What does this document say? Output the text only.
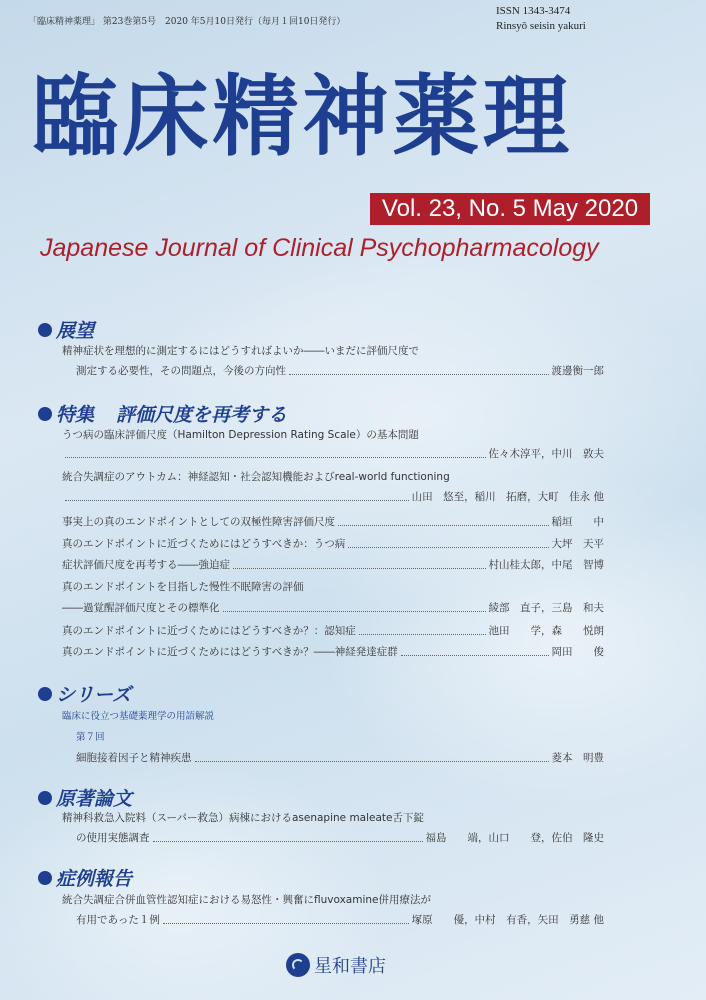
「臨床精神薬理」 第23巻第5号　2020 年5月10日発行（毎月１回10日発行）
ISSN 1343-3474
Rinsyō seisin yakuri
臨床精神薬理
Vol. 23, No. 5 May 2020
Japanese Journal of Clinical Psychopharmacology
展望
精神症状を理想的に測定するにはどうすればよいか――いまだに評価尺度で
測定する必要性，その問題点，今後の方向性	渡邊衡一郎
特集 評価尺度を再考する
うつ病の臨床評価尺度（Hamilton Depression Rating Scale）の基本問題
佐々木淳平，中川　敦夫
統合失調症のアウトカム：神経認知・社会認知機能およびreal-world functioning
山田　悠至，稲川　拓磨，大町　佳永 他
事実上の真のエンドポイントとしての双極性障害評価尺度	稲垣　　中
真のエンドポイントに近づくためにはどうすべきか：うつ病	大坪　天平
症状評価尺度を再考する――強迫症	村山桂太郎，中尾　智博
真のエンドポイントを目指した慢性不眠障害の評価
――過覚醒評価尺度とその標準化	綾部　直子，三島　和夫
真のエンドポイントに近づくためにはどうすべきか？：認知症	池田　　学，森　　悦朗
真のエンドポイントに近づくためにはどうすべきか？――神経発達症群	岡田　　俊
シリーズ
臨床に役立つ基礎薬理学の用語解説
第７回
細胞接着因子と精神疾患	菱本　明豊
原著論文
精神科救急入院料（スーパー救急）病棟におけるasenapine maleate舌下錠
の使用実態調査	福島　　端，山口　　登，佐伯　隆史
症例報告
統合失調症合併血管性認知症における易怒性・興奮にfluvoxamine併用療法が
有用であった１例	塚原　　優，中村　有香，矢田　勇慈 他
星和書店
